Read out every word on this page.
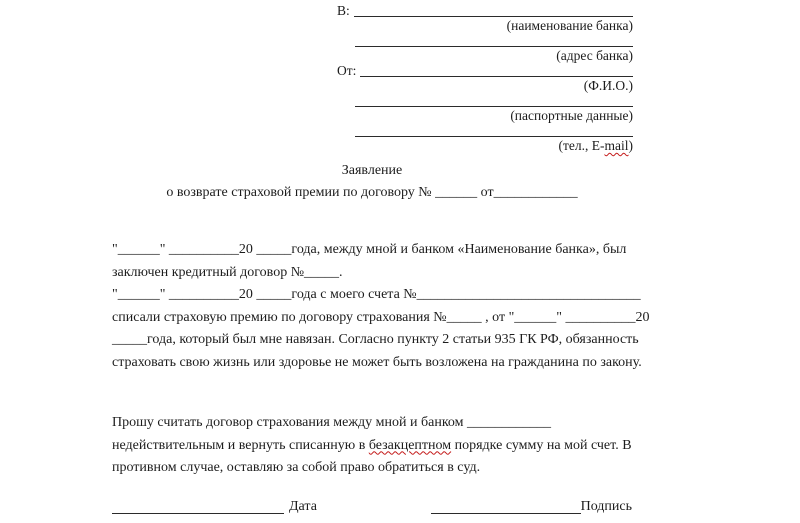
В:
(наименование банка)
(адрес банка)
От:
(Ф.И.О.)
(паспортные данные)
(тел., E-mail)
Заявление
о возврате страховой премии по договору № ______ от____________
"______" __________20 _____года, между мной и банком «Наименование банка», был
заключен кредитный договор №_____.
"______" __________20 _____года с моего счета №________________________________
списали страховую премию по договору страхования №_____ , от "______" __________20
_____года, который был мне навязан. Согласно пункту 2 статьи 935 ГК РФ, обязанность
страховать свою жизнь или здоровье не может быть возложена на гражданина по закону.
Прошу считать договор страхования между мной и банком ____________
недействительным и вернуть списанную в безакцептном порядке сумму на мой счет. В
противном случае, оставляю за собой право обратиться в суд.
Дата	Подпись
